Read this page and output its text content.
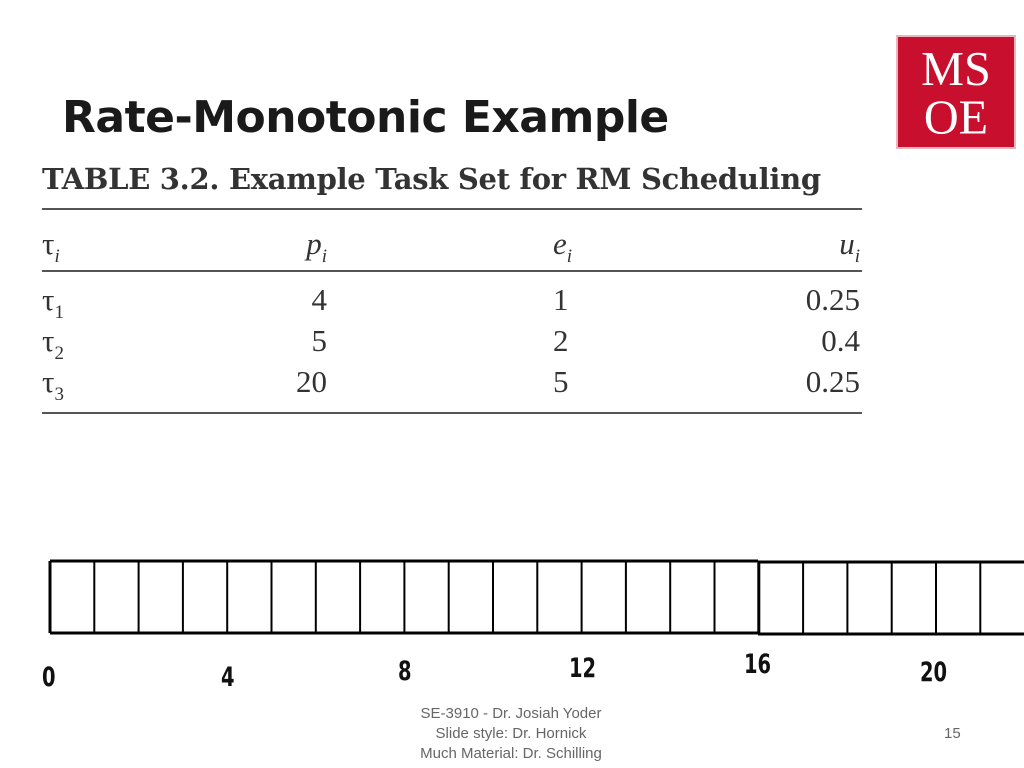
Rate-Monotonic Example
MS
OE
TABLE 3.2. Example Task Set for RM Scheduling
$\tau_i$	$p_i$	$e_i$	$u_i$
$\tau_1$	4	1	0.25
$\tau_2$	5	2	0.4
$\tau_3$	20	5	0.25
0	4	8	12	16	20
SE-3910 - Dr. Josiah Yoder
Slide style: Dr. Hornick
Much Material: Dr. Schilling
15
